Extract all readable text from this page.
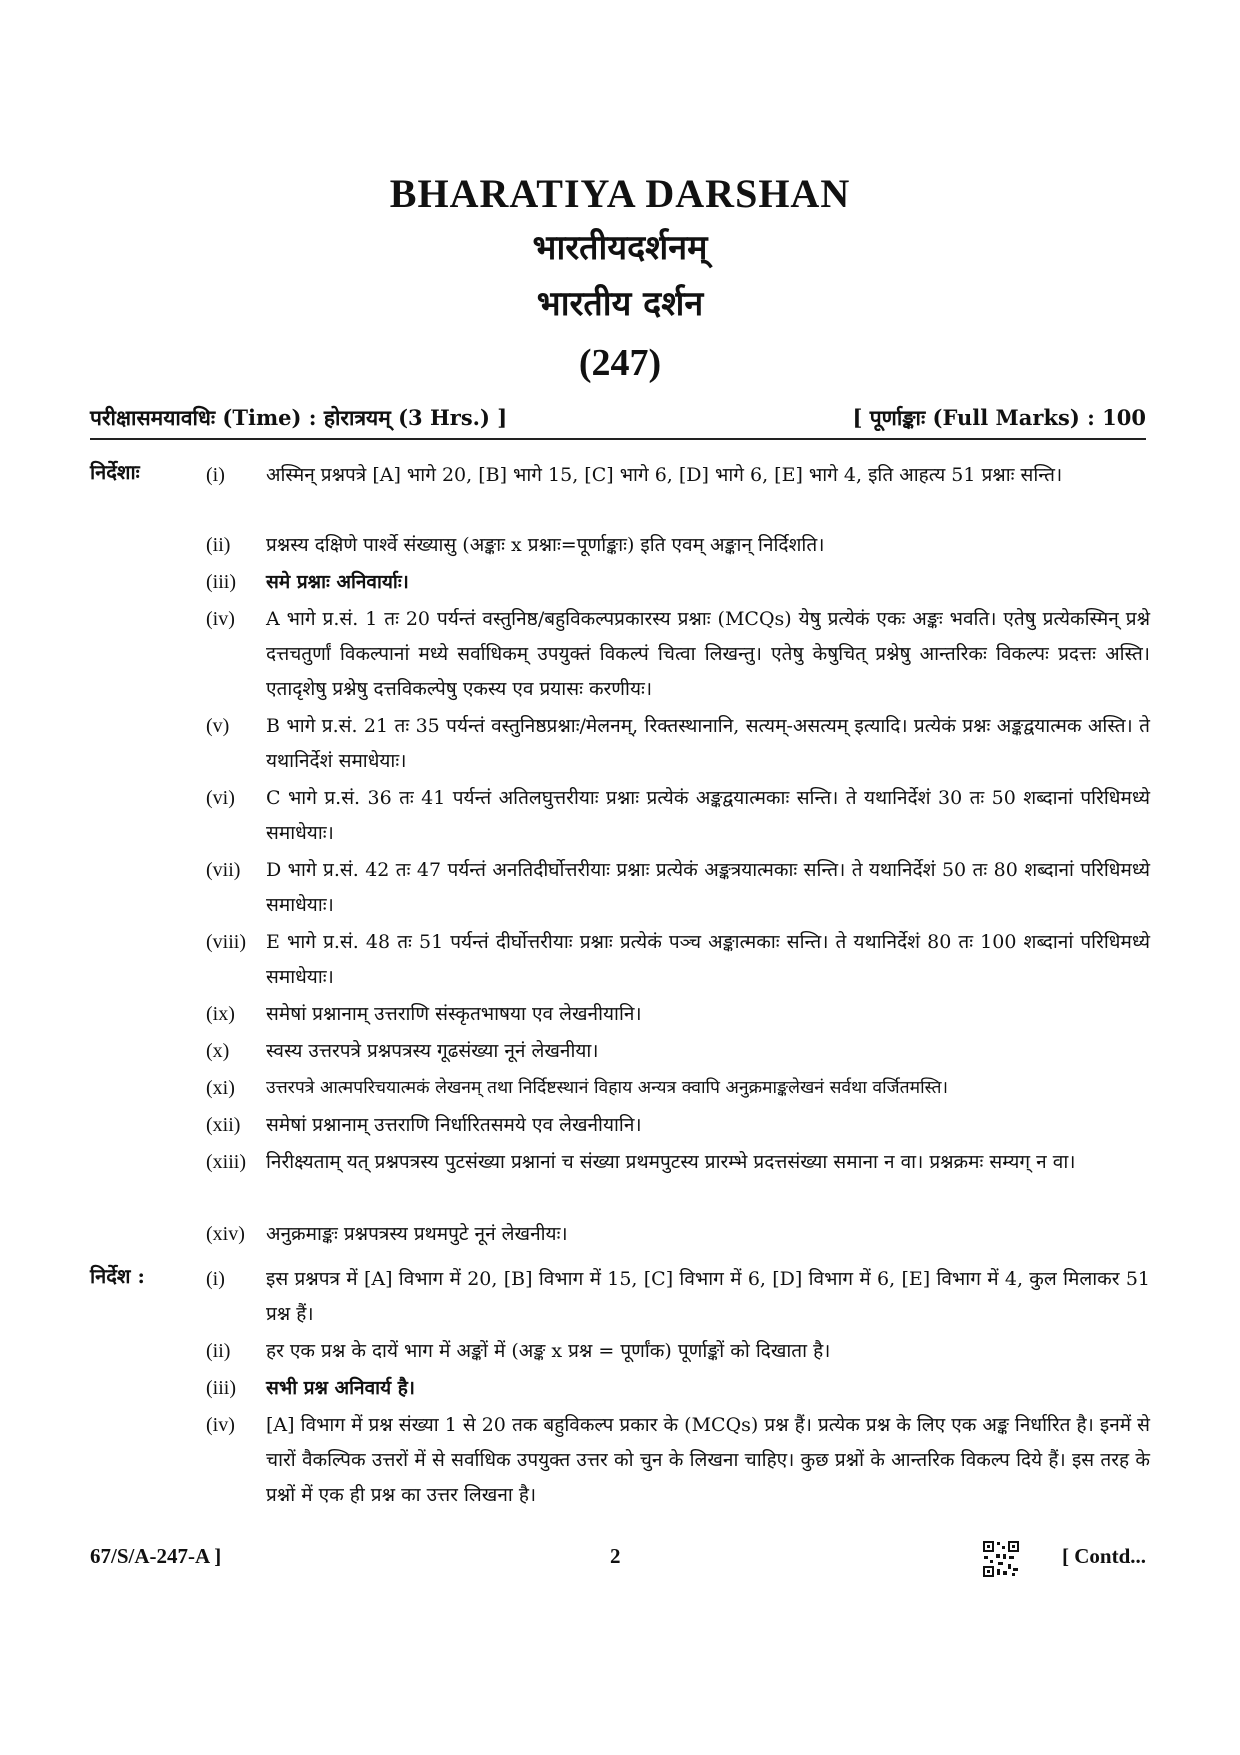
BHARATIYA DARSHAN
भारतीयदर्शनम्
भारतीय दर्शन
(247)
परीक्षासमयावधिः (Time) : होरात्रयम् (3 Hrs.) ]	[ पूर्णाङ्काः (Full Marks) : 100
निर्देशाः	(i)	अस्मिन् प्रश्नपत्रे [A] भागे 20, [B] भागे 15, [C] भागे 6, [D] भागे 6, [E] भागे 4, इति आहत्य 51 प्रश्नाः सन्ति।
(ii)	प्रश्नस्य दक्षिणे पार्श्वे संख्यासु (अङ्काः x प्रश्नाः=पूर्णाङ्काः) इति एवम् अङ्कान् निर्दिशति।
(iii)	समे प्रश्नाः अनिवार्याः।
(iv)	A भागे प्र.सं. 1 तः 20 पर्यन्तं वस्तुनिष्ठ/बहुविकल्पप्रकारस्य प्रश्नाः (MCQs) येषु प्रत्येकं एकः अङ्कः भवति। एतेषु प्रत्येकस्मिन् प्रश्ने दत्तचतुर्णां विकल्पानां मध्ये सर्वाधिकम् उपयुक्तं विकल्पं चित्वा लिखन्तु। एतेषु केषुचित् प्रश्नेषु आन्तरिकः विकल्पः प्रदत्तः अस्ति। एतादृशेषु प्रश्नेषु दत्तविकल्पेषु एकस्य एव प्रयासः करणीयः।
(v)	B भागे प्र.सं. 21 तः 35 पर्यन्तं वस्तुनिष्ठप्रश्नाः/मेलनम्, रिक्तस्थानानि, सत्यम्-असत्यम् इत्यादि। प्रत्येकं प्रश्नः अङ्कद्वयात्मक अस्ति। ते यथानिर्देशं समाधेयाः।
(vi)	C भागे प्र.सं. 36 तः 41 पर्यन्तं अतिलघुत्तरीयाः प्रश्नाः प्रत्येकं अङ्कद्वयात्मकाः सन्ति। ते यथानिर्देशं 30 तः 50 शब्दानां परिधिमध्ये समाधेयाः।
(vii)	D भागे प्र.सं. 42 तः 47 पर्यन्तं अनतिदीर्घोत्तरीयाः प्रश्नाः प्रत्येकं अङ्कत्रयात्मकाः सन्ति। ते यथानिर्देशं 50 तः 80 शब्दानां परिधिमध्ये समाधेयाः।
(viii)	E भागे प्र.सं. 48 तः 51 पर्यन्तं दीर्घोत्तरीयाः प्रश्नाः प्रत्येकं पञ्च अङ्कात्मकाः सन्ति। ते यथानिर्देशं 80 तः 100 शब्दानां परिधिमध्ये समाधेयाः।
(ix)	समेषां प्रश्नानाम् उत्तराणि संस्कृतभाषया एव लेखनीयानि।
(x)	स्वस्य उत्तरपत्रे प्रश्नपत्रस्य गूढसंख्या नूनं लेखनीया।
(xi)	उत्तरपत्रे आत्मपरिचयात्मकं लेखनम् तथा निर्दिष्टस्थानं विहाय अन्यत्र क्वापि अनुक्रमाङ्कलेखनं सर्वथा वर्जितमस्ति।
(xii)	समेषां प्रश्नानाम् उत्तराणि निर्धारितसमये एव लेखनीयानि।
(xiii)	निरीक्ष्यताम् यत् प्रश्नपत्रस्य पुटसंख्या प्रश्नानां च संख्या प्रथमपुटस्य प्रारम्भे प्रदत्तसंख्या समाना न वा। प्रश्नक्रमः सम्यग् न वा।
(xiv)	अनुक्रमाङ्कः प्रश्नपत्रस्य प्रथमपुटे नूनं लेखनीयः।
निर्देश :	(i)	इस प्रश्नपत्र में [A] विभाग में 20, [B] विभाग में 15, [C] विभाग में 6, [D] विभाग में 6, [E] विभाग में 4, कुल मिलाकर 51 प्रश्न हैं।
(ii)	हर एक प्रश्न के दायें भाग में अङ्कों में (अङ्क x प्रश्न = पूर्णांक) पूर्णाङ्कों को दिखाता है।
(iii)	सभी प्रश्न अनिवार्य है।
(iv)	[A] विभाग में प्रश्न संख्या 1 से 20 तक बहुविकल्प प्रकार के (MCQs) प्रश्न हैं। प्रत्येक प्रश्न के लिए एक अङ्क निर्धारित है। इनमें से चारों वैकल्पिक उत्तरों में से सर्वाधिक उपयुक्त उत्तर को चुन के लिखना चाहिए। कुछ प्रश्नों के आन्तरिक विकल्प दिये हैं। इस तरह के प्रश्नों में एक ही प्रश्न का उत्तर लिखना है।
67/S/A-247-A ]	2	[ Contd...
